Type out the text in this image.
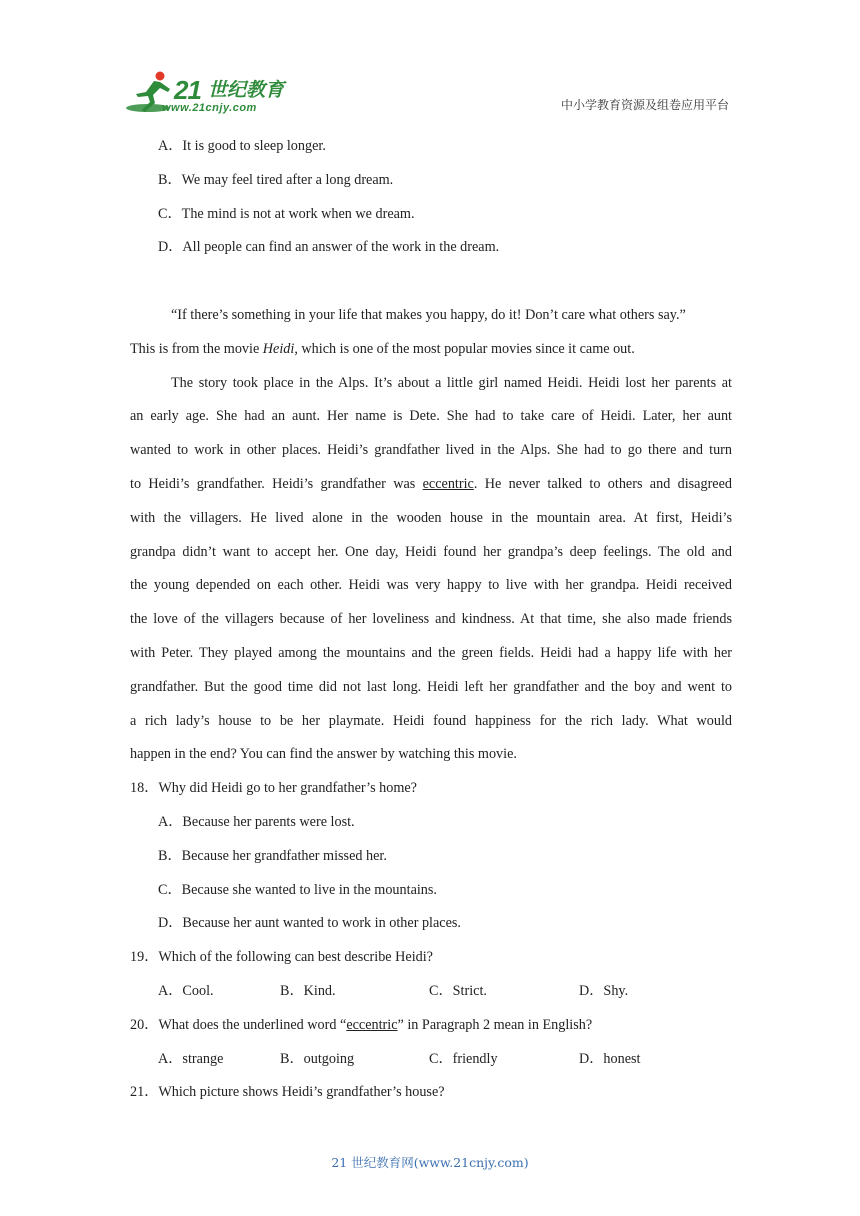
21 世纪教育
www.21cnjy.com	中小学教育资源及组卷应用平台
A．It is good to sleep longer.
B．We may feel tired after a long dream.
C．The mind is not at work when we dream.
D．All people can find an answer of the work in the dream.
“If there’s something in your life that makes you happy, do it! Don’t care what others say.”
This is from the movie Heidi, which is one of the most popular movies since it came out.
The story took place in the Alps. It’s about a little girl named Heidi. Heidi lost her parents at
an early age. She had an aunt. Her name is Dete. She had to take care of Heidi. Later, her aunt
wanted to work in other places. Heidi’s grandfather lived in the Alps. She had to go there and turn
to Heidi’s grandfather. Heidi’s grandfather was eccentric. He never talked to others and disagreed
with the villagers. He lived alone in the wooden house in the mountain area. At first, Heidi’s
grandpa didn’t want to accept her. One day, Heidi found her grandpa’s deep feelings. The old and
the young depended on each other. Heidi was very happy to live with her grandpa. Heidi received
the love of the villagers because of her loveliness and kindness. At that time, she also made friends
with Peter. They played among the mountains and the green fields. Heidi had a happy life with her
grandfather. But the good time did not last long. Heidi left her grandfather and the boy and went to
a rich lady’s house to be her playmate. Heidi found happiness for the rich lady. What would
happen in the end? You can find the answer by watching this movie.
18．Why did Heidi go to her grandfather’s home?
A．Because her parents were lost.
B．Because her grandfather missed her.
C．Because she wanted to live in the mountains.
D．Because her aunt wanted to work in other places.
19．Which of the following can best describe Heidi?
A．Cool.	B．Kind.	C．Strict.	D．Shy.
20．What does the underlined word “eccentric” in Paragraph 2 mean in English?
A．strange	B．outgoing	C．friendly	D．honest
21．Which picture shows Heidi’s grandfather’s house?
21 世纪教育网(www.21cnjy.com)
